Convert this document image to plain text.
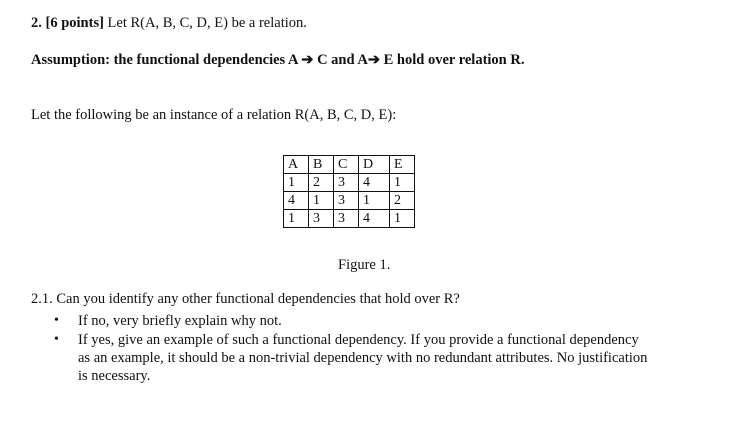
2. [6 points] Let R(A, B, C, D, E) be a relation.
Assumption: the functional dependencies A ➔ C and A➔ E hold over relation R.
Let the following be an instance of a relation R(A, B, C, D, E):
A	B	C	D	E
1	2	3	4	1
4	1	3	1	2
1	3	3	4	1
Figure 1.
2.1. Can you identify any other functional dependencies that hold over R?
• If no, very briefly explain why not.
• If yes, give an example of such a functional dependency. If you provide a functional dependency
as an example, it should be a non-trivial dependency with no redundant attributes. No justification
is necessary.
